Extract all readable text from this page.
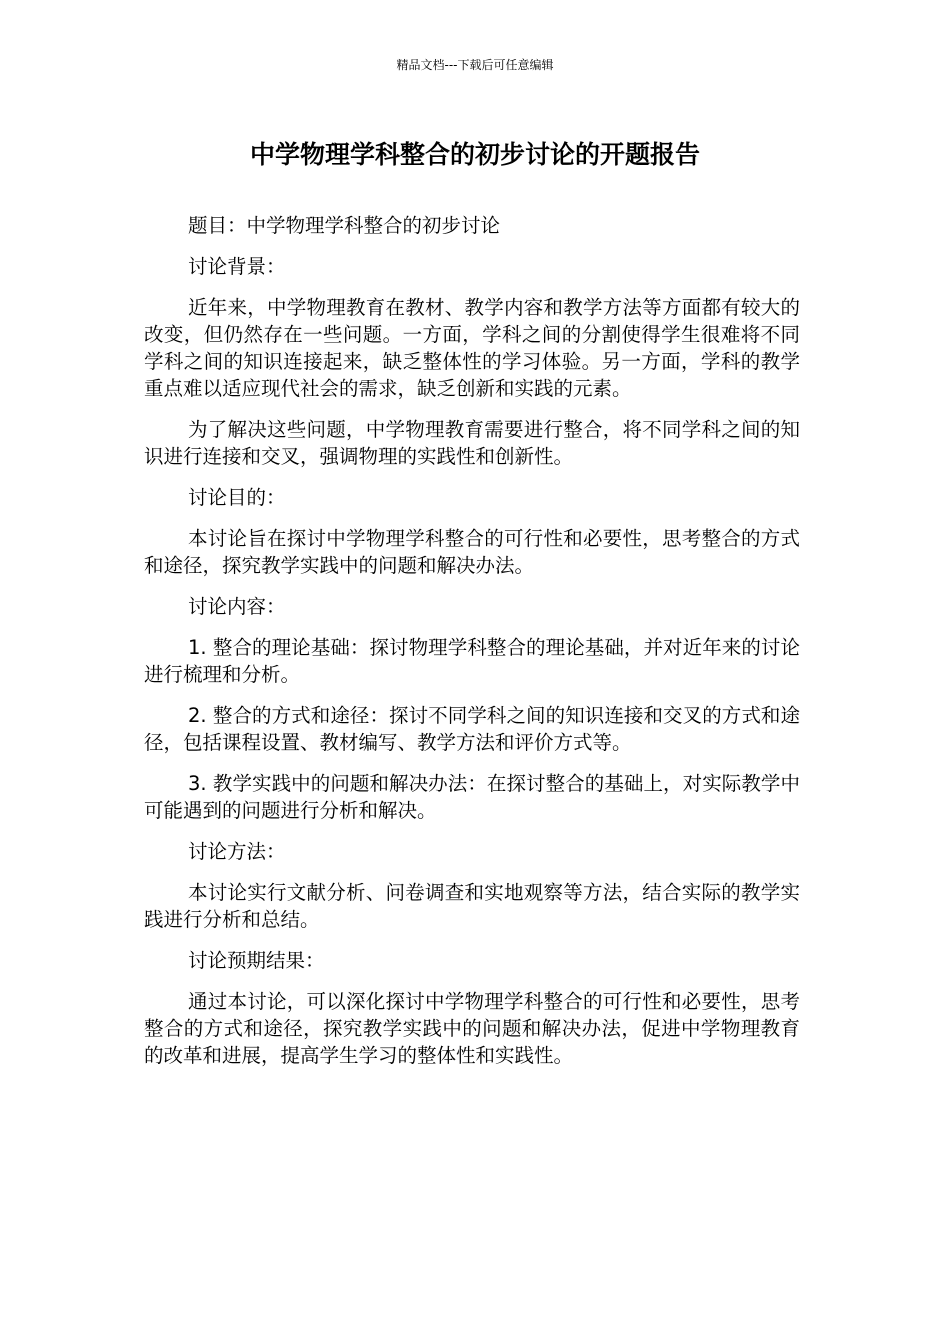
精品文档---下载后可任意编辑
中学物理学科整合的初步讨论的开题报告

题目：中学物理学科整合的初步讨论

讨论背景：

近年来，中学物理教育在教材、教学内容和教学方法等方面都有较大的改变，但仍然存在一些问题。一方面，学科之间的分割使得学生很难将不同学科之间的知识连接起来，缺乏整体性的学习体验。另一方面，学科的教学重点难以适应现代社会的需求，缺乏创新和实践的元素。

为了解决这些问题，中学物理教育需要进行整合，将不同学科之间的知识进行连接和交叉，强调物理的实践性和创新性。

讨论目的：

本讨论旨在探讨中学物理学科整合的可行性和必要性，思考整合的方式和途径，探究教学实践中的问题和解决办法。

讨论内容：

1. 整合的理论基础：探讨物理学科整合的理论基础，并对近年来的讨论进行梳理和分析。

2. 整合的方式和途径：探讨不同学科之间的知识连接和交叉的方式和途径，包括课程设置、教材编写、教学方法和评价方式等。

3. 教学实践中的问题和解决办法：在探讨整合的基础上，对实际教学中可能遇到的问题进行分析和解决。

讨论方法：

本讨论实行文献分析、问卷调查和实地观察等方法，结合实际的教学实践进行分析和总结。

讨论预期结果：

通过本讨论，可以深化探讨中学物理学科整合的可行性和必要性，思考整合的方式和途径，探究教学实践中的问题和解决办法，促进中学物理教育的改革和进展，提高学生学习的整体性和实践性。
